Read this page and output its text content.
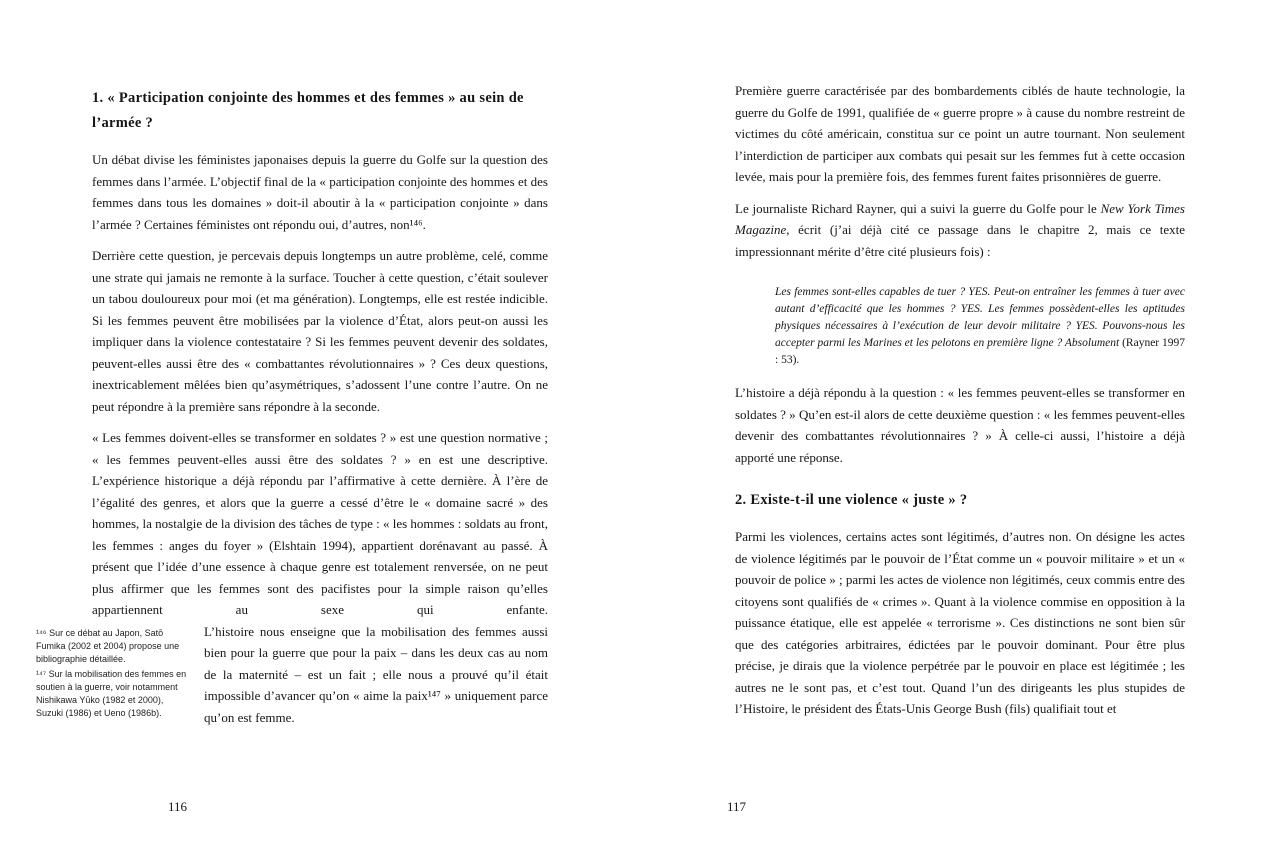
1. « Participation conjointe des hommes et des femmes » au sein de l’armée ?

Un débat divise les féministes japonaises depuis la guerre du Golfe sur la question des femmes dans l’armée. L’objectif final de la « participation conjointe des hommes et des femmes dans tous les domaines » doit-il aboutir à la « participation conjointe » dans l’armée ? Certaines féministes ont répondu oui, d’autres, non¹⁴⁶.

Derrière cette question, je percevais depuis longtemps un autre problème, celé, comme une strate qui jamais ne remonte à la surface. Toucher à cette question, c’était soulever un tabou douloureux pour moi (et ma génération). Longtemps, elle est restée indicible. Si les femmes peuvent être mobilisées par la violence d’État, alors peut-on aussi les impliquer dans la violence contestataire ? Si les femmes peuvent devenir des soldates, peuvent-elles aussi être des « combattantes révolutionnaires » ? Ces deux questions, inextricablement mêlées bien qu’asymétriques, s’adossent l’une contre l’autre. On ne peut répondre à la première sans répondre à la seconde.

« Les femmes doivent-elles se transformer en soldates ? » est une question normative ; « les femmes peuvent-elles aussi être des soldates ? » en est une descriptive. L’expérience historique a déjà répondu par l’affirmative à cette dernière. À l’ère de l’égalité des genres, et alors que la guerre a cessé d’être le « domaine sacré » des hommes, la nostalgie de la division des tâches de type : « les hommes : soldats au front, les femmes : anges du foyer » (Elshtain 1994), appartient dorénavant au passé. À présent que l’idée d’une essence à chaque genre est totalement renversée, on ne peut plus affirmer que les femmes sont des pacifistes pour la simple raison qu’elles appartiennent au sexe qui enfante.

¹⁴⁶ Sur ce débat au Japon, Satō Fumika (2002 et 2004) propose une bibliographie détaillée.

¹⁴⁷ Sur la mobilisation des femmes en soutien à la guerre, voir notamment Nishikawa Yūko (1982 et 2000), Suzuki (1986) et Ueno (1986b).

L’histoire nous enseigne que la mobilisation des femmes aussi bien pour la guerre que pour la paix – dans les deux cas au nom de la maternité – est un fait ; elle nous a prouvé qu’il était impossible d’avancer qu’on « aime la paix¹⁴⁷ » uniquement parce qu’on est femme.

116

Première guerre caractérisée par des bombardements ciblés de haute technologie, la guerre du Golfe de 1991, qualifiée de « guerre propre » à cause du nombre restreint de victimes du côté américain, constitua sur ce point un autre tournant. Non seulement l’interdiction de participer aux combats qui pesait sur les femmes fut à cette occasion levée, mais pour la première fois, des femmes furent faites prisonnières de guerre.

Le journaliste Richard Rayner, qui a suivi la guerre du Golfe pour le New York Times Magazine, écrit (j’ai déjà cité ce passage dans le chapitre 2, mais ce texte impressionnant mérite d’être cité plusieurs fois) :

Les femmes sont-elles capables de tuer ? YES. Peut-on entraîner les femmes à tuer avec autant d’efficacité que les hommes ? YES. Les femmes possèdent-elles les aptitudes physiques nécessaires à l’exécution de leur devoir militaire ? YES. Pouvons-nous les accepter parmi les Marines et les pelotons en première ligne ? Absolument (Rayner 1997 : 53).

L’histoire a déjà répondu à la question : « les femmes peuvent-elles se transformer en soldates ? » Qu’en est-il alors de cette deuxième question : « les femmes peuvent-elles devenir des combattantes révolutionnaires ? » À celle-ci aussi, l’histoire a déjà apporté une réponse.

2. Existe-t-il une violence « juste » ?

Parmi les violences, certains actes sont légitimés, d’autres non. On désigne les actes de violence légitimés par le pouvoir de l’État comme un « pouvoir militaire » et un « pouvoir de police » ; parmi les actes de violence non légitimés, ceux commis entre des citoyens sont qualifiés de « crimes ». Quant à la violence commise en opposition à la puissance étatique, elle est appelée « terrorisme ». Ces distinctions ne sont bien sûr que des catégories arbitraires, édictées par le pouvoir dominant. Pour être plus précise, je dirais que la violence perpétrée par le pouvoir en place est légitimée ; les autres ne le sont pas, et c’est tout. Quand l’un des dirigeants les plus stupides de l’Histoire, le président des États-Unis George Bush (fils) qualifiait tout et

117
